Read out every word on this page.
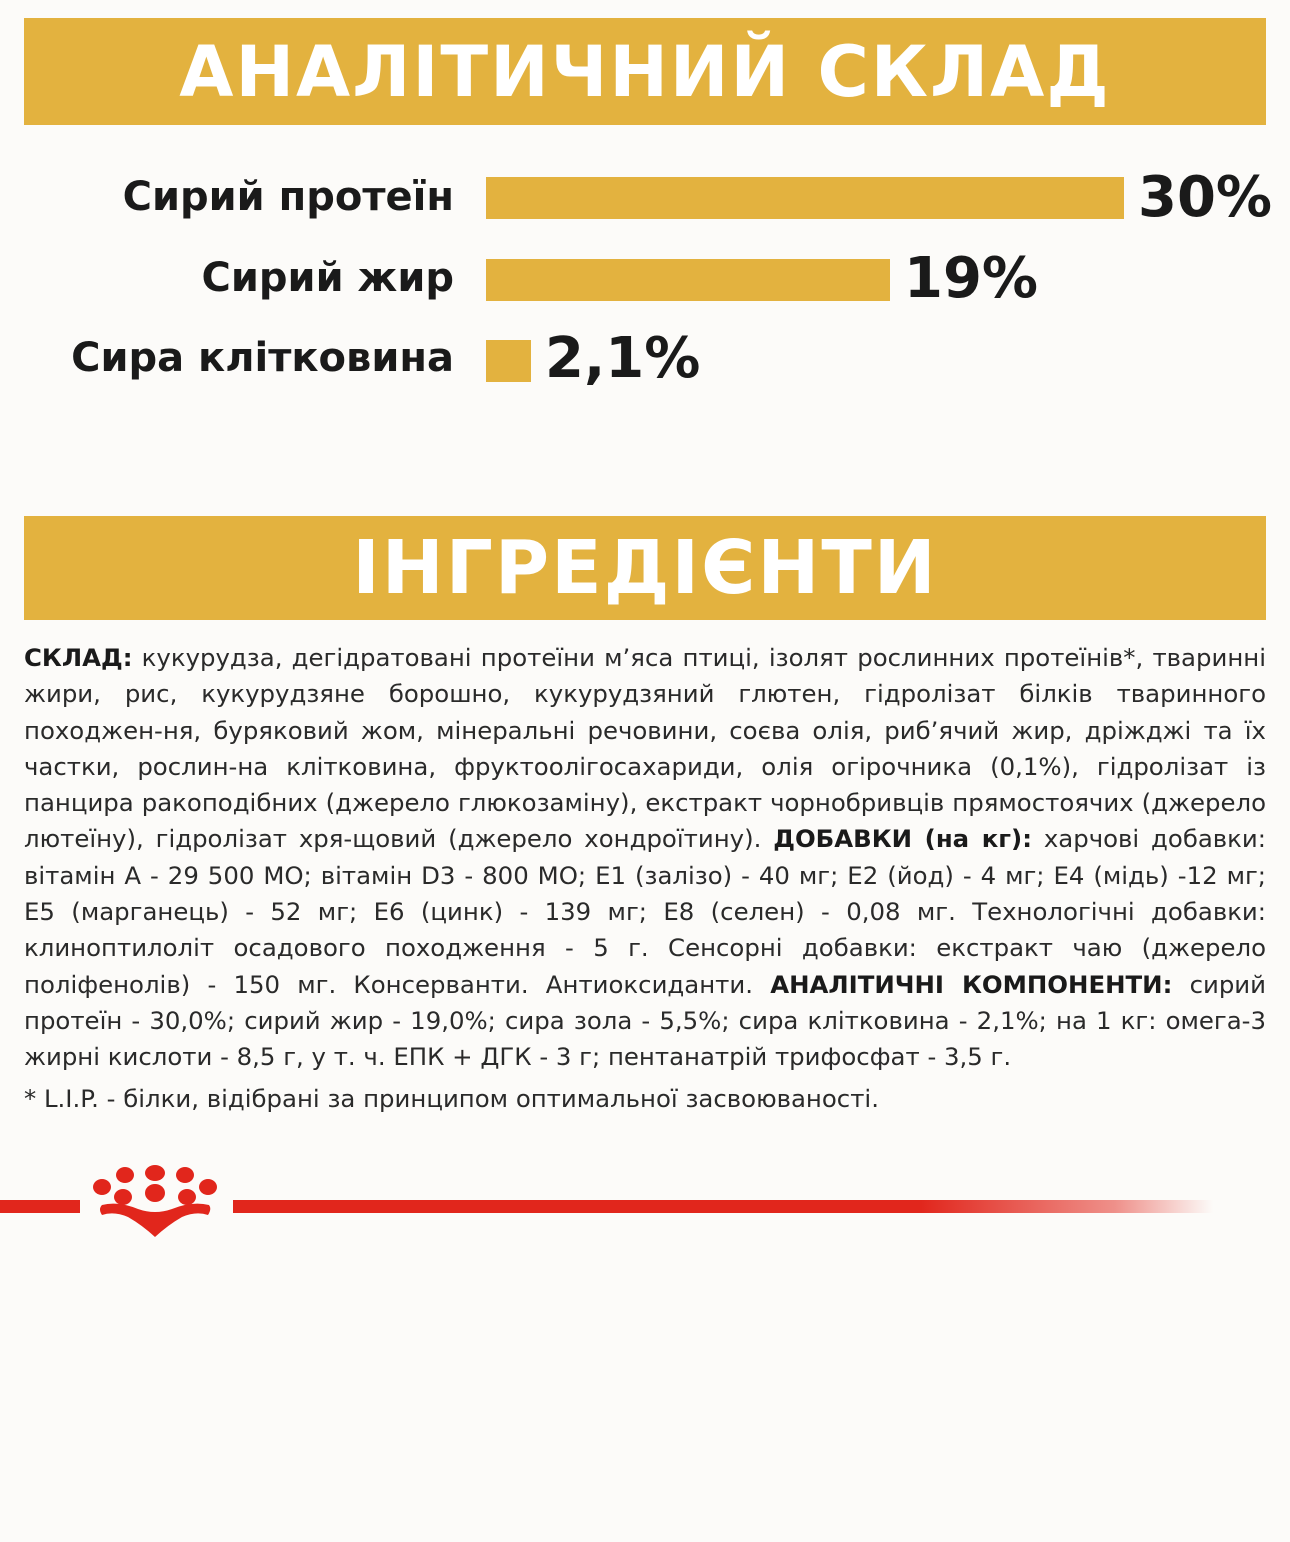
АНАЛІТИЧНИЙ СКЛАД
Сирий протеїн	30%
Сирий жир	19%
Сира клітковина 2,1%
ІНГРЕДІЄНТИ

СКЛАД: кукурудза, дегідратовані протеїни м’яса птиці, ізолят рослинних протеїнів*, тваринні жири, рис, кукурудзяне борошно, кукурудзяний глютен, гідролізат білків тваринного походжен-ня, буряковий жом, мінеральні речовини, соєва олія, риб’ячий жир, дріжджі та їх частки, рослин-на клітковина, фруктоолігосахариди, олія огірочника (0,1%), гідролізат із панцира ракоподібних (джерело глюкозаміну), екстракт чорнобривців прямостоячих (джерело лютеїну), гідролізат хря-щовий (джерело хондроїтину). ДОБАВКИ (на кг): харчові добавки: вітамін А - 29 500 МО; вітамін D3 - 800 МО; E1 (залізо) - 40 мг; E2 (йод) - 4 мг; E4 (мідь) -12 мг; E5 (марганець) - 52 мг; E6 (цинк) - 139 мг; E8 (селен) - 0,08 мг. Технологічні добавки: клиноптилоліт осадового походження - 5 г. Сенсорні добавки: екстракт чаю (джерело поліфенолів) - 150 мг. Консерванти. Антиоксиданти. АНАЛІТИЧНІ КОМПОНЕНТИ: сирий протеїн - 30,0%; сирий жир - 19,0%; сира зола - 5,5%; сира клітковина - 2,1%; на 1 кг: омега-3 жирні кислоти - 8,5 г, у т. ч. ЕПК + ДГК - 3 г; пентанатрій трифосфат - 3,5 г.

* L.I.P. - білки, відібрані за принципом оптимальної засвоюваності.
